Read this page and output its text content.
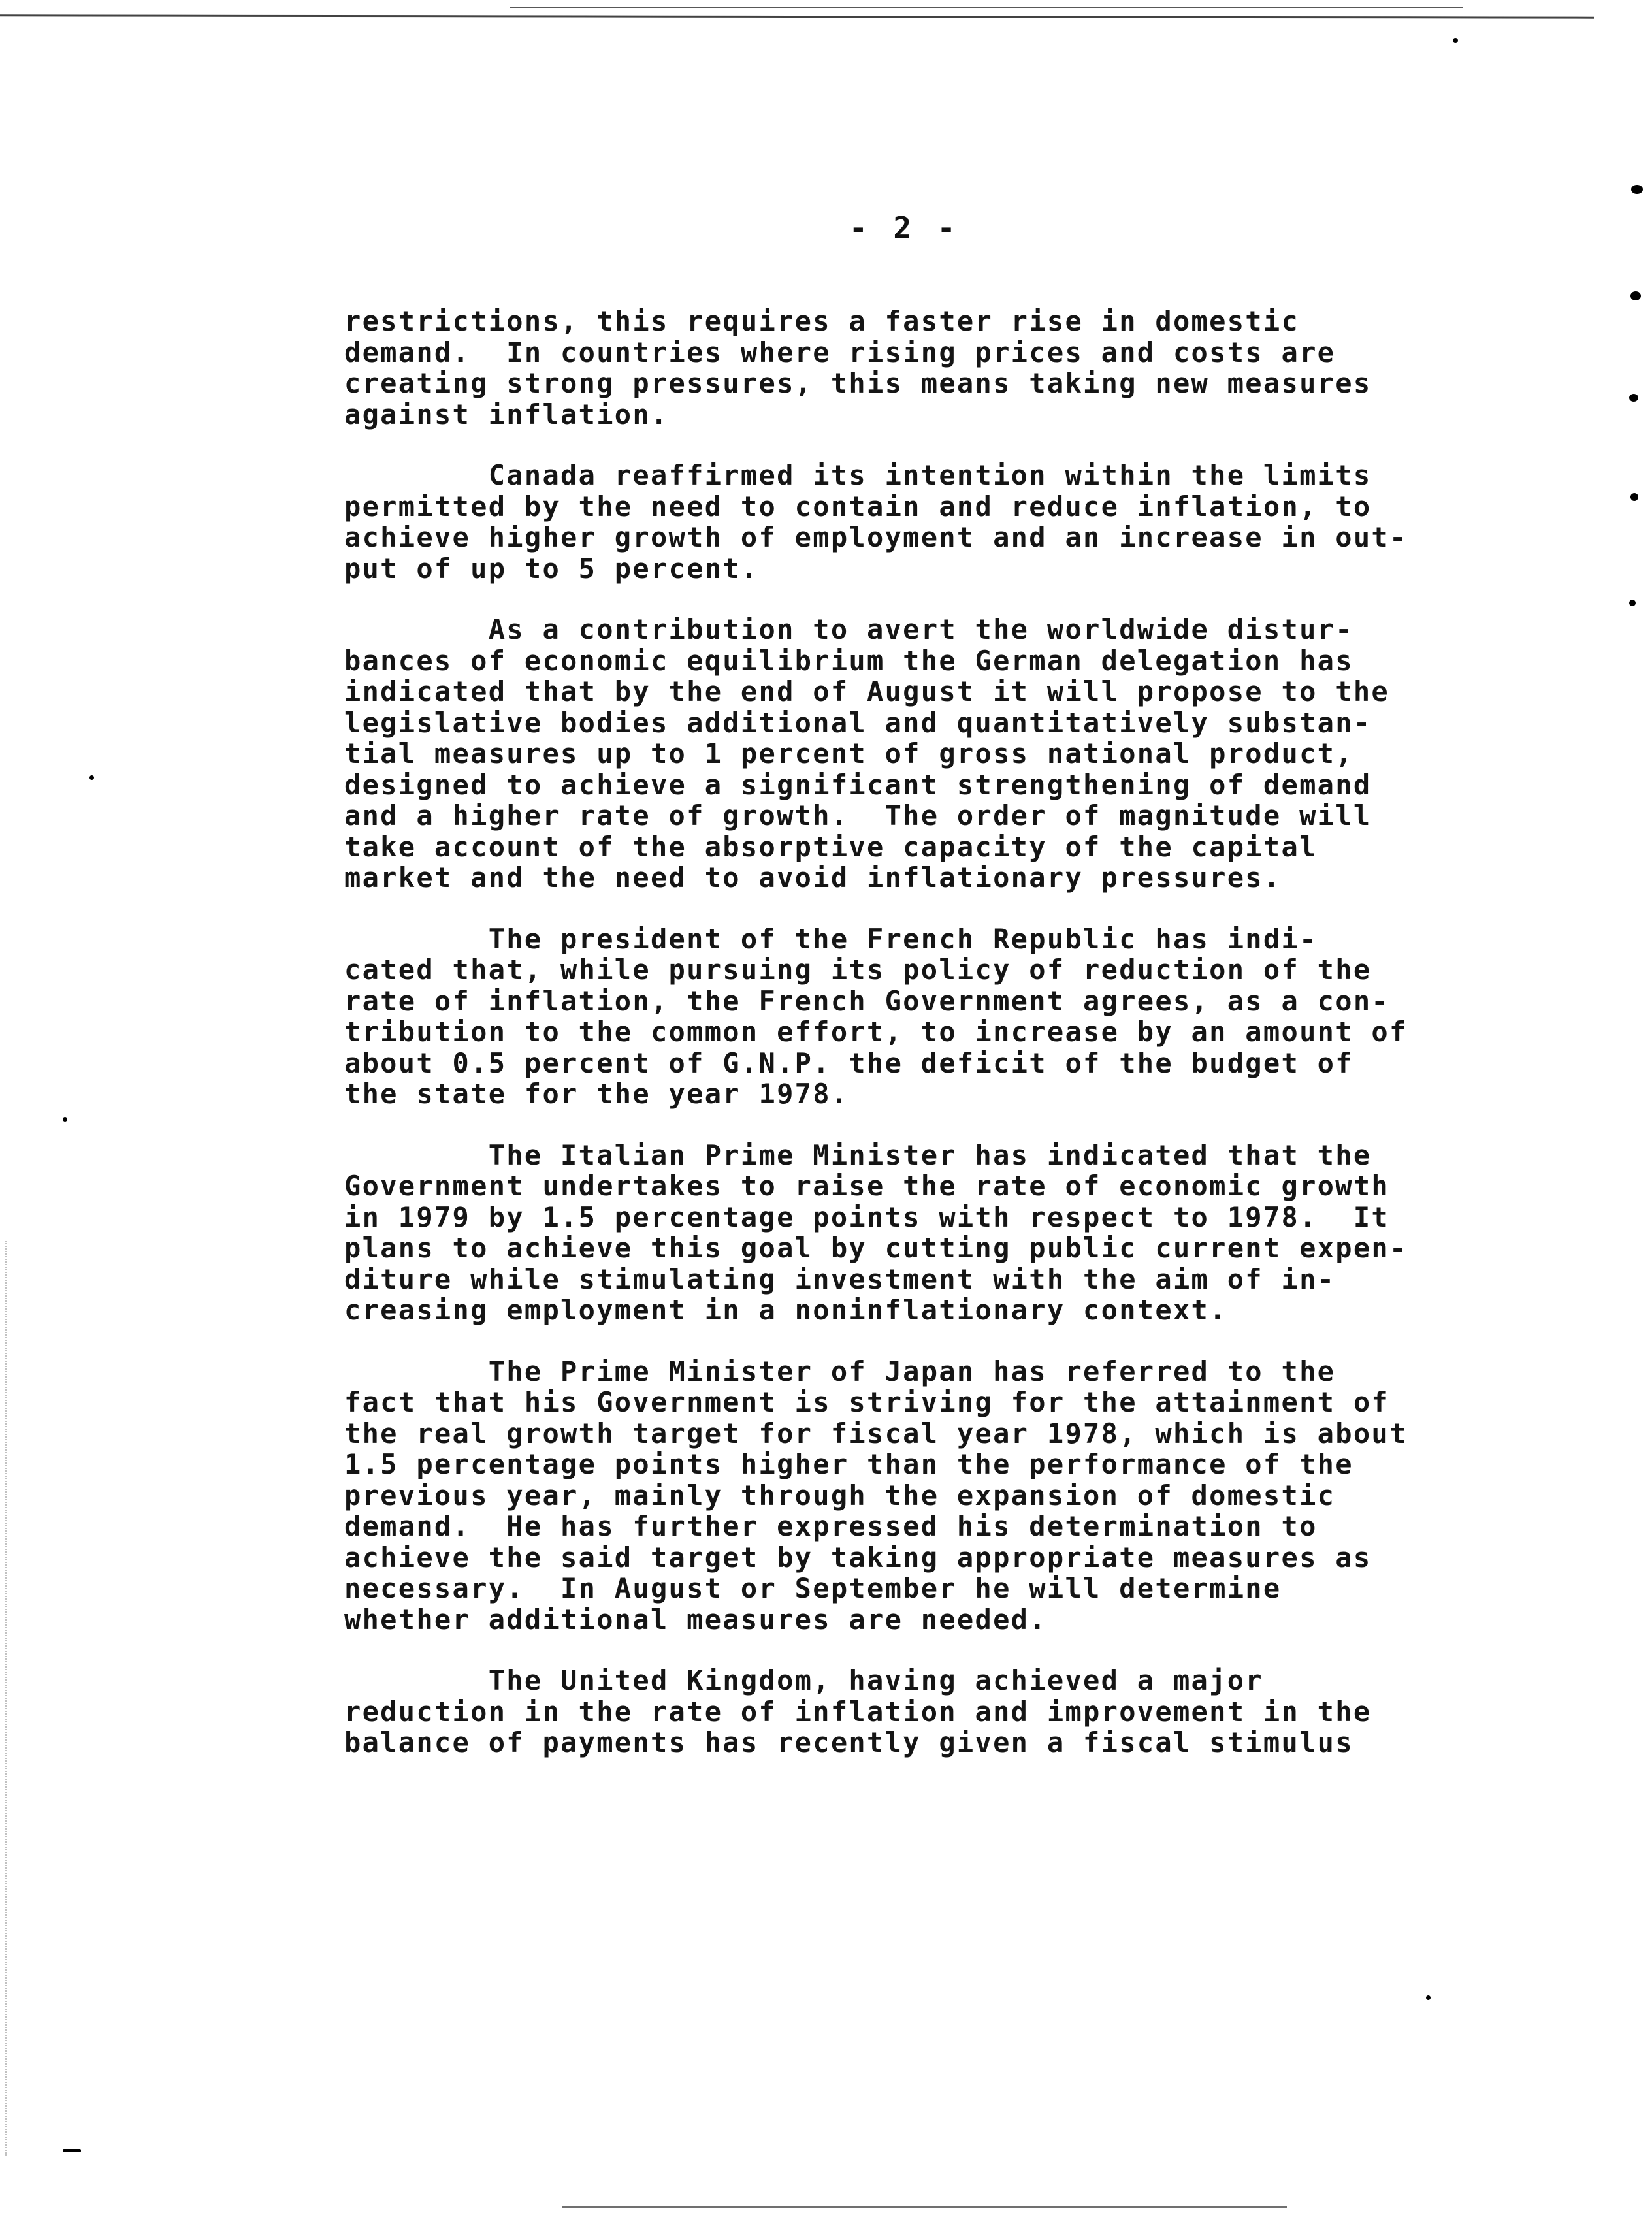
- 2 -
restrictions, this requires a faster rise in domestic
demand.  In countries where rising prices and costs are
creating strong pressures, this means taking new measures
against inflation.
Canada reaffirmed its intention within the limits
permitted by the need to contain and reduce inflation, to
achieve higher growth of employment and an increase in out-
put of up to 5 percent.
As a contribution to avert the worldwide distur-
bances of economic equilibrium the German delegation has
indicated that by the end of August it will propose to the
legislative bodies additional and quantitatively substan-
tial measures up to 1 percent of gross national product,
designed to achieve a significant strengthening of demand
and a higher rate of growth.  The order of magnitude will
take account of the absorptive capacity of the capital
market and the need to avoid inflationary pressures.
The president of the French Republic has indi-
cated that, while pursuing its policy of reduction of the
rate of inflation, the French Government agrees, as a con-
tribution to the common effort, to increase by an amount of
about 0.5 percent of G.N.P. the deficit of the budget of
the state for the year 1978.
The Italian Prime Minister has indicated that the
Government undertakes to raise the rate of economic growth
in 1979 by 1.5 percentage points with respect to 1978.  It
plans to achieve this goal by cutting public current expen-
diture while stimulating investment with the aim of in-
creasing employment in a noninflationary context.
The Prime Minister of Japan has referred to the
fact that his Government is striving for the attainment of
the real growth target for fiscal year 1978, which is about
1.5 percentage points higher than the performance of the
previous year, mainly through the expansion of domestic
demand.  He has further expressed his determination to
achieve the said target by taking appropriate measures as
necessary.  In August or September he will determine
whether additional measures are needed.
The United Kingdom, having achieved a major
reduction in the rate of inflation and improvement in the
balance of payments has recently given a fiscal stimulus
